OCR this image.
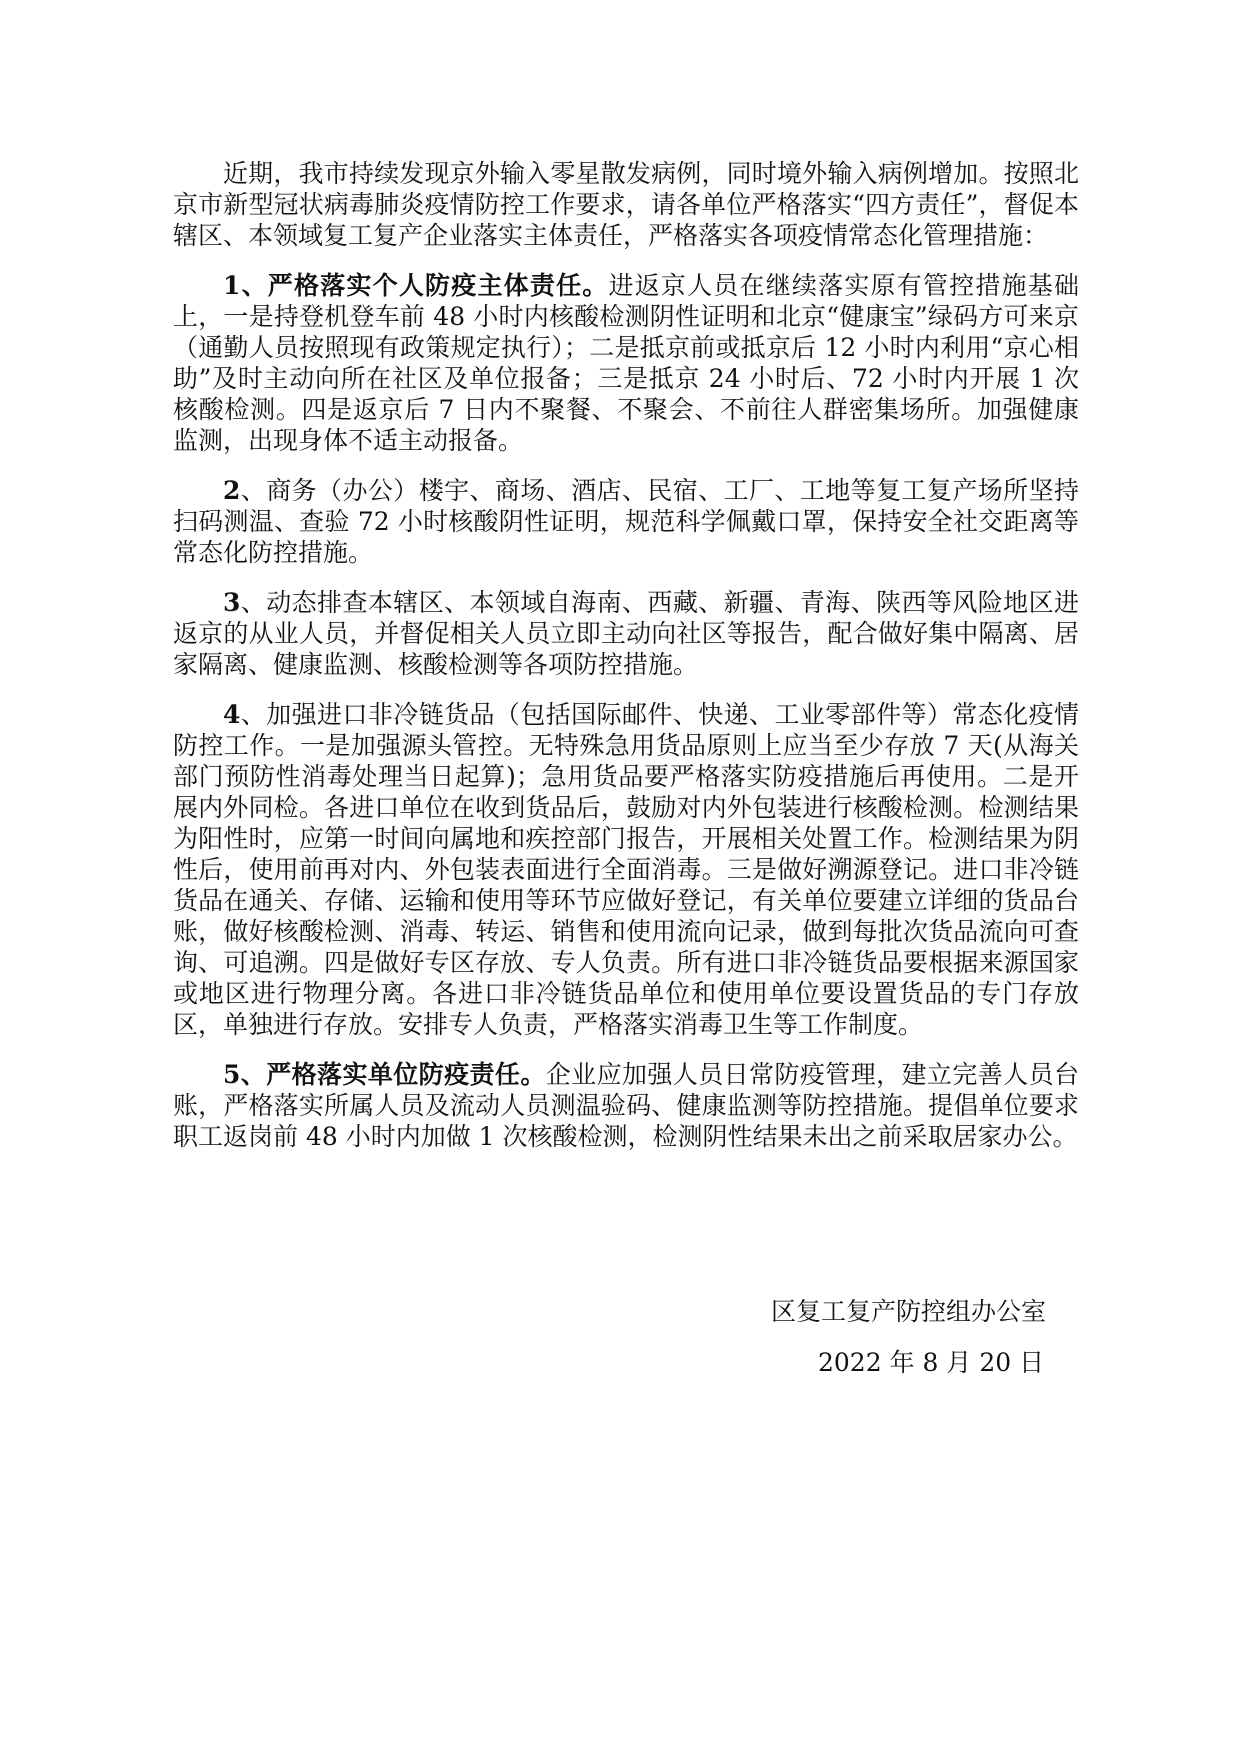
近期，我市持续发现京外输入零星散发病例，同时境外输入病例增加。按照北京市新型冠状病毒肺炎疫情防控工作要求，请各单位严格落实“四方责任”，督促本辖区、本领域复工复产企业落实主体责任，严格落实各项疫情常态化管理措施：

1、严格落实个人防疫主体责任。进返京人员在继续落实原有管控措施基础上，一是持登机登车前 48 小时内核酸检测阴性证明和北京“健康宝”绿码方可来京（通勤人员按照现有政策规定执行）；二是抵京前或抵京后 12 小时内利用“京心相助”及时主动向所在社区及单位报备；三是抵京 24 小时后、72 小时内开展 1 次核酸检测。四是返京后 7 日内不聚餐、不聚会、不前往人群密集场所。加强健康监测，出现身体不适主动报备。

2、商务（办公）楼宇、商场、酒店、民宿、工厂、工地等复工复产场所坚持扫码测温、查验 72 小时核酸阴性证明，规范科学佩戴口罩，保持安全社交距离等常态化防控措施。

3、动态排查本辖区、本领域自海南、西藏、新疆、青海、陕西等风险地区进返京的从业人员，并督促相关人员立即主动向社区等报告，配合做好集中隔离、居家隔离、健康监测、核酸检测等各项防控措施。

4、加强进口非冷链货品（包括国际邮件、快递、工业零部件等）常态化疫情防控工作。一是加强源头管控。无特殊急用货品原则上应当至少存放 7 天(从海关部门预防性消毒处理当日起算)；急用货品要严格落实防疫措施后再使用。二是开展内外同检。各进口单位在收到货品后，鼓励对内外包装进行核酸检测。检测结果为阳性时，应第一时间向属地和疾控部门报告，开展相关处置工作。检测结果为阴性后，使用前再对内、外包装表面进行全面消毒。三是做好溯源登记。进口非冷链货品在通关、存储、运输和使用等环节应做好登记，有关单位要建立详细的货品台账，做好核酸检测、消毒、转运、销售和使用流向记录，做到每批次货品流向可查询、可追溯。四是做好专区存放、专人负责。所有进口非冷链货品要根据来源国家或地区进行物理分离。各进口非冷链货品单位和使用单位要设置货品的专门存放区，单独进行存放。安排专人负责，严格落实消毒卫生等工作制度。

5、严格落实单位防疫责任。企业应加强人员日常防疫管理，建立完善人员台账，严格落实所属人员及流动人员测温验码、健康监测等防控措施。提倡单位要求职工返岗前 48 小时内加做 1 次核酸检测，检测阴性结果未出之前采取居家办公。

区复工复产防控组办公室
2022 年 8 月 20 日
